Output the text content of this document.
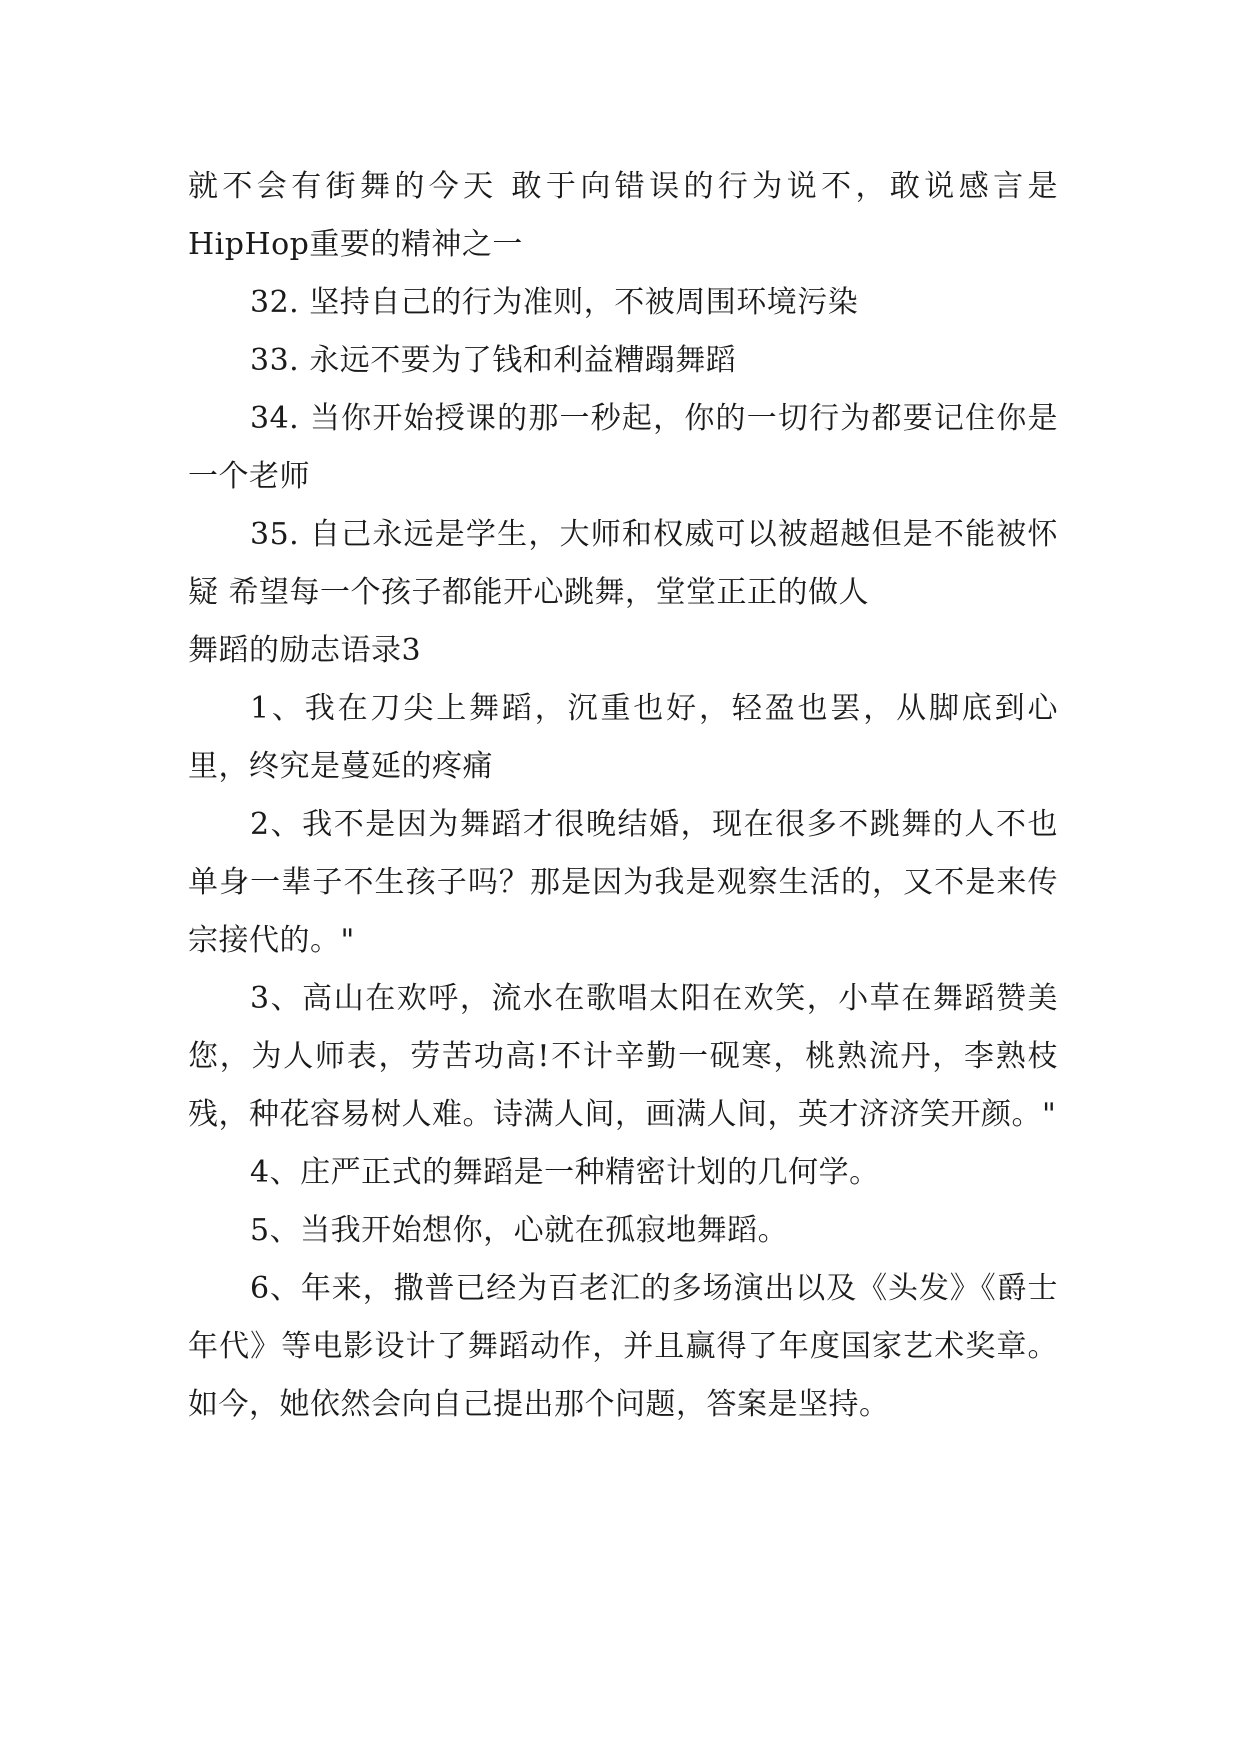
就不会有街舞的今天 敢于向错误的行为说不，敢说感言是HipHop重要的精神之一

32. 坚持自己的行为准则，不被周围环境污染

33. 永远不要为了钱和利益糟蹋舞蹈

34. 当你开始授课的那一秒起，你的一切行为都要记住你是一个老师

35. 自己永远是学生，大师和权威可以被超越但是不能被怀疑 希望每一个孩子都能开心跳舞，堂堂正正的做人

舞蹈的励志语录3

1、我在刀尖上舞蹈，沉重也好，轻盈也罢，从脚底到心里，终究是蔓延的疼痛

2、我不是因为舞蹈才很晚结婚，现在很多不跳舞的人不也单身一辈子不生孩子吗？那是因为我是观察生活的，又不是来传宗接代的。"

3、高山在欢呼，流水在歌唱太阳在欢笑，小草在舞蹈赞美您，为人师表，劳苦功高!不计辛勤一砚寒，桃熟流丹，李熟枝残，种花容易树人难。诗满人间，画满人间，英才济济笑开颜。"

4、庄严正式的舞蹈是一种精密计划的几何学。

5、当我开始想你，心就在孤寂地舞蹈。

6、年来，撒普已经为百老汇的多场演出以及《头发》《爵士年代》等电影设计了舞蹈动作，并且赢得了年度国家艺术奖章。如今，她依然会向自己提出那个问题，答案是坚持。
